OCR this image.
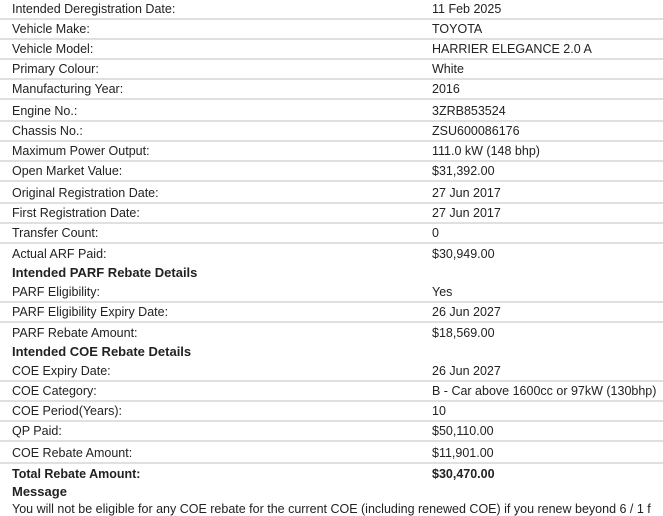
Intended Deregistration Date:	11 Feb 2025
Vehicle Make:	TOYOTA
Vehicle Model:	HARRIER ELEGANCE 2.0 A
Primary Colour:	White
Manufacturing Year:	2016
Engine No.:	3ZRB853524
Chassis No.:	ZSU600086176
Maximum Power Output:	111.0 kW (148 bhp)
Open Market Value:	$31,392.00
Original Registration Date:	27 Jun 2017
First Registration Date:	27 Jun 2017
Transfer Count:	0
Actual ARF Paid:	$30,949.00
Intended PARF Rebate Details
PARF Eligibility:	Yes
PARF Eligibility Expiry Date:	26 Jun 2027
PARF Rebate Amount:	$18,569.00
Intended COE Rebate Details
COE Expiry Date:	26 Jun 2027
COE Category:	B - Car above 1600cc or 97kW (130bhp)
COE Period(Years):	10
QP Paid:	$50,110.00
COE Rebate Amount:	$11,901.00
Total Rebate Amount:	$30,470.00
Message
You will not be eligible for any COE rebate for the current COE (including renewed COE) if you renew beyond 6 / 1 f
